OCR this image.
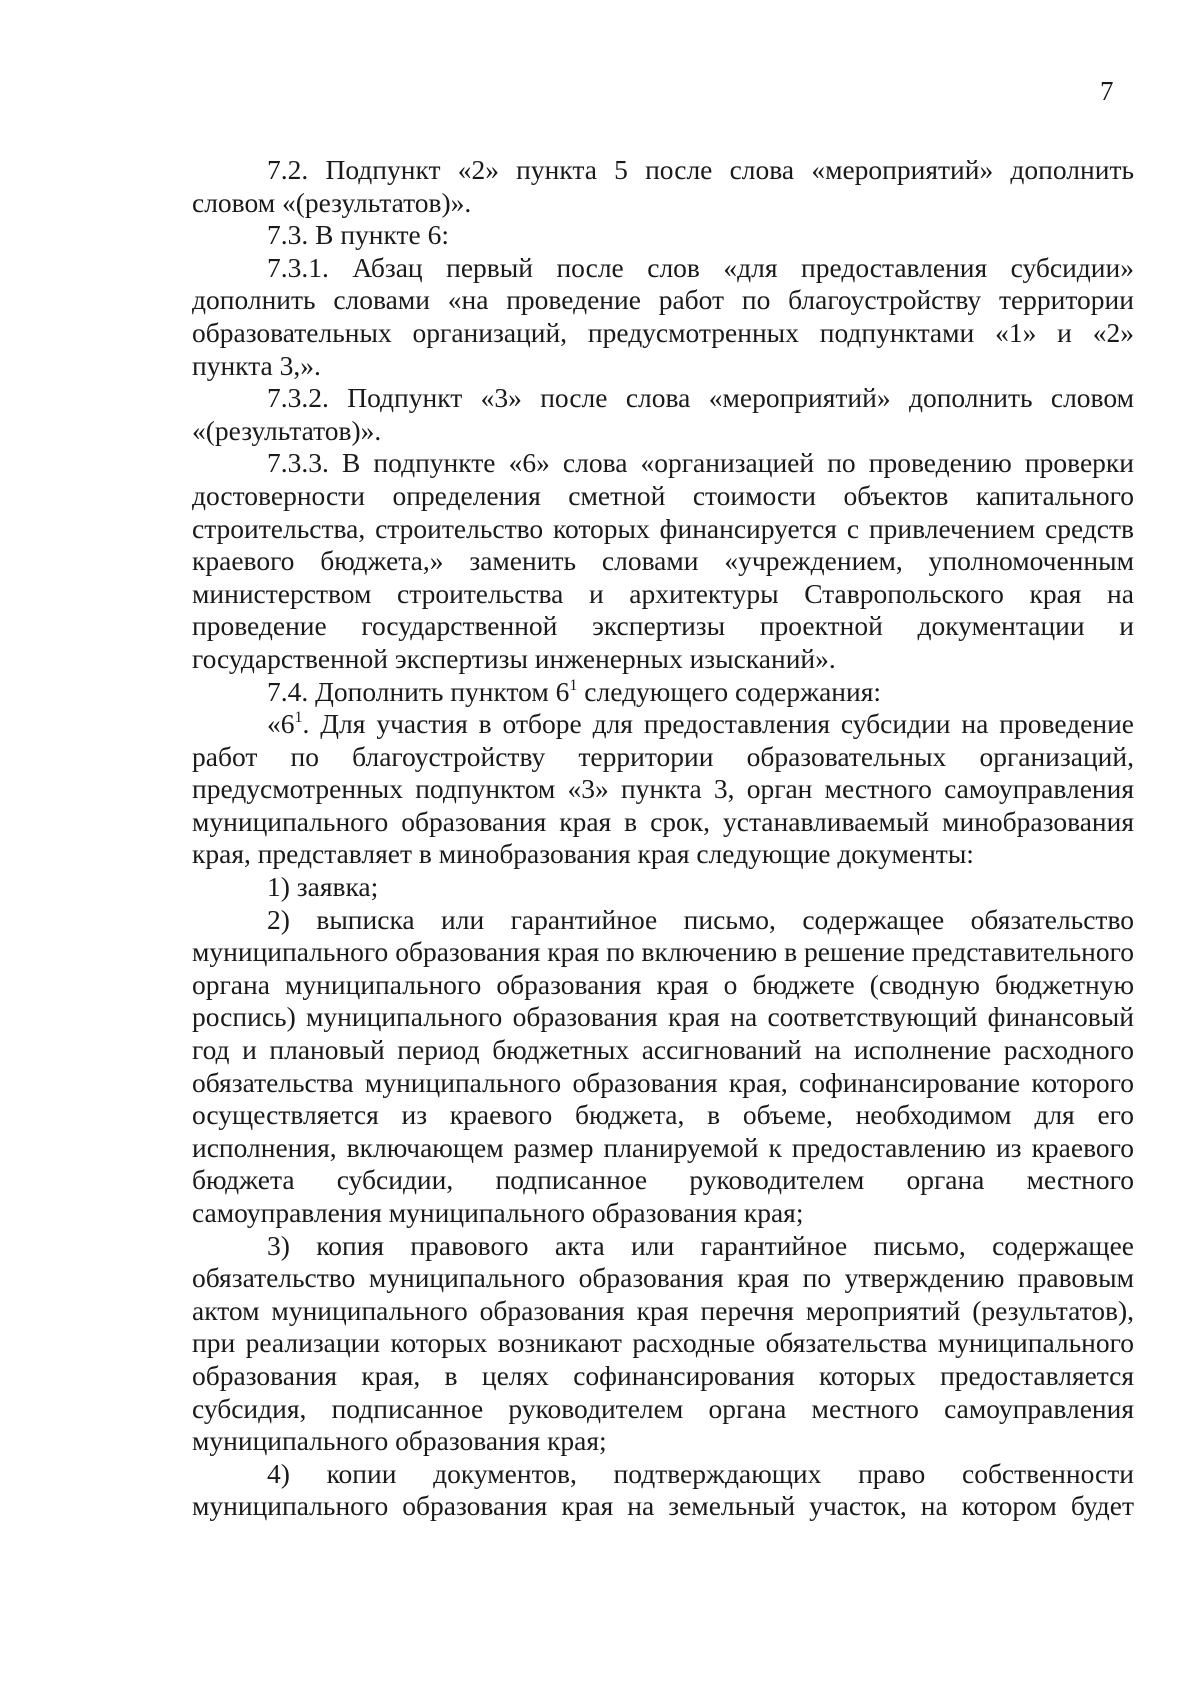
7

7.2. Подпункт «2» пункта 5 после слова «мероприятий» дополнить словом «(результатов)».

7.3. В пункте 6:

7.3.1. Абзац первый после слов «для предоставления субсидии» дополнить словами «на проведение работ по благоустройству территории образовательных организаций, предусмотренных подпунктами «1» и «2» пункта 3,».

7.3.2. Подпункт «3» после слова «мероприятий» дополнить словом «(результатов)».

7.3.3. В подпункте «6» слова «организацией по проведению проверки достоверности определения сметной стоимости объектов капитального строительства, строительство которых финансируется с привлечением средств краевого бюджета,» заменить словами «учреждением, уполномоченным министерством строительства и архитектуры Ставропольского края на проведение государственной экспертизы проектной документации и государственной экспертизы инженерных изысканий».

7.4. Дополнить пунктом $6^1$ следующего содержания:

«$6^1$. Для участия в отборе для предоставления субсидии на проведение работ по благоустройству территории образовательных организаций, предусмотренных подпунктом «3» пункта 3, орган местного самоуправления муниципального образования края в срок, устанавливаемый минобразования края, представляет в минобразования края следующие документы:

1) заявка;

2) выписка или гарантийное письмо, содержащее обязательство муниципального образования края по включению в решение представительного органа муниципального образования края о бюджете (сводную бюджетную роспись) муниципального образования края на соответствующий финансовый год и плановый период бюджетных ассигнований на исполнение расходного обязательства муниципального образования края, софинансирование которого осуществляется из краевого бюджета, в объеме, необходимом для его исполнения, включающем размер планируемой к предоставлению из краевого бюджета субсидии, подписанное руководителем органа местного самоуправления муниципального образования края;

3) копия правового акта или гарантийное письмо, содержащее обязательство муниципального образования края по утверждению правовым актом муниципального образования края перечня мероприятий (результатов), при реализации которых возникают расходные обязательства муниципального образования края, в целях софинансирования которых предоставляется субсидия, подписанное руководителем органа местного самоуправления муниципального образования края;

4) копии документов, подтверждающих право собственности муниципального образования края на земельный участок, на котором будет
